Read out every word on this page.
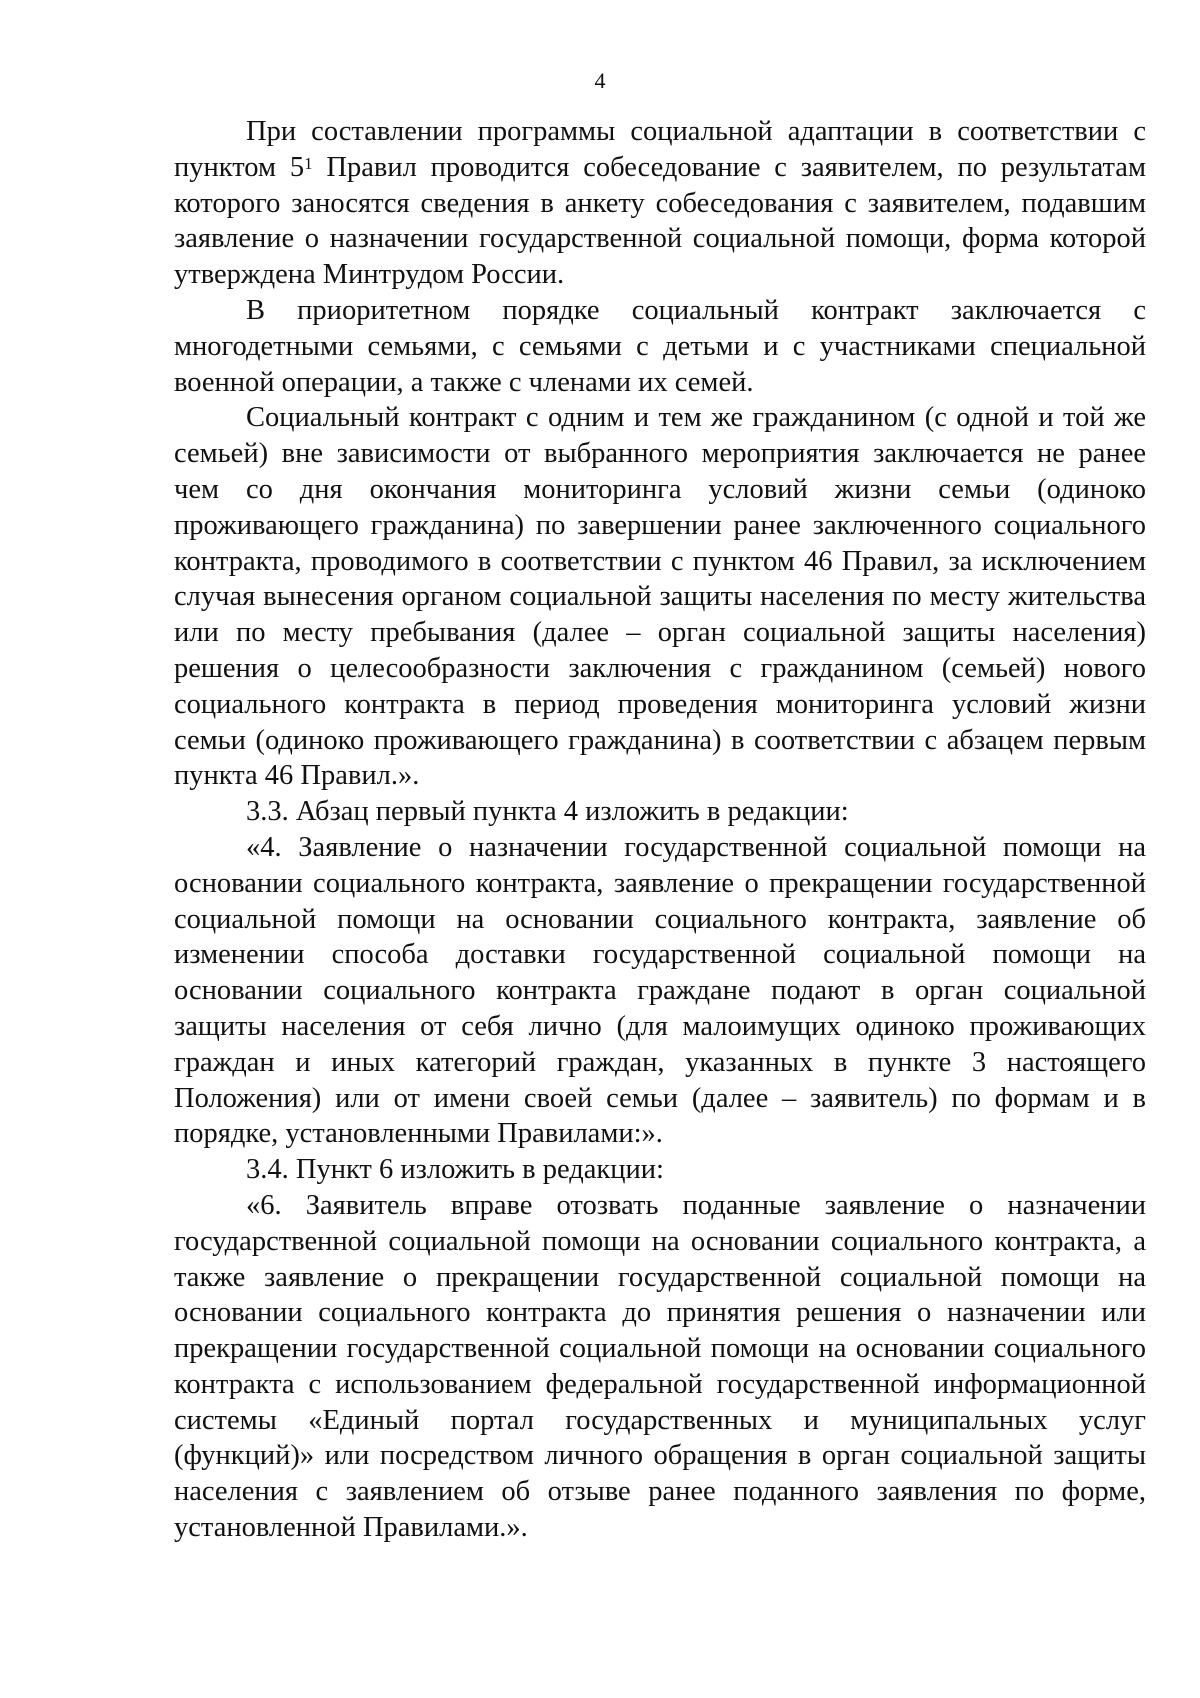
4

При составлении программы социальной адаптации в соответствии с пунктом $5^1$ Правил проводится собеседование с заявителем, по результатам которого заносятся сведения в анкету собеседования с заявителем, подавшим заявление о назначении государственной социальной помощи, форма которой утверждена Минтрудом России.

В приоритетном порядке социальный контракт заключается с многодетными семьями, с семьями с детьми и с участниками специальной военной операции, а также с членами их семей.

Социальный контракт с одним и тем же гражданином (с одной и той же семьей) вне зависимости от выбранного мероприятия заключается не ранее чем со дня окончания мониторинга условий жизни семьи (одиноко проживающего гражданина) по завершении ранее заключенного социального контракта, проводимого в соответствии с пунктом 46 Правил, за исключением случая вынесения органом социальной защиты населения по месту жительства или по месту пребывания (далее – орган социальной защиты населения) решения о целесообразности заключения с гражданином (семьей) нового социального контракта в период проведения мониторинга условий жизни семьи (одиноко проживающего гражданина) в соответствии с абзацем первым пункта 46 Правил.».

3.3. Абзац первый пункта 4 изложить в редакции:

«4. Заявление о назначении государственной социальной помощи на основании социального контракта, заявление о прекращении государственной социальной помощи на основании социального контракта, заявление об изменении способа доставки государственной социальной помощи на основании социального контракта граждане подают в орган социальной защиты населения от себя лично (для малоимущих одиноко проживающих граждан и иных категорий граждан, указанных в пункте 3 настоящего Положения) или от имени своей семьи (далее – заявитель) по формам и в порядке, установленными Правилами:».

3.4. Пункт 6 изложить в редакции:

«6. Заявитель вправе отозвать поданные заявление о назначении государственной социальной помощи на основании социального контракта, а также заявление о прекращении государственной социальной помощи на основании социального контракта до принятия решения о назначении или прекращении государственной социальной помощи на основании социального контракта с использованием федеральной государственной информационной системы «Единый портал государственных и муниципальных услуг (функций)» или посредством личного обращения в орган социальной защиты населения с заявлением об отзыве ранее поданного заявления по форме, установленной Правилами.».
